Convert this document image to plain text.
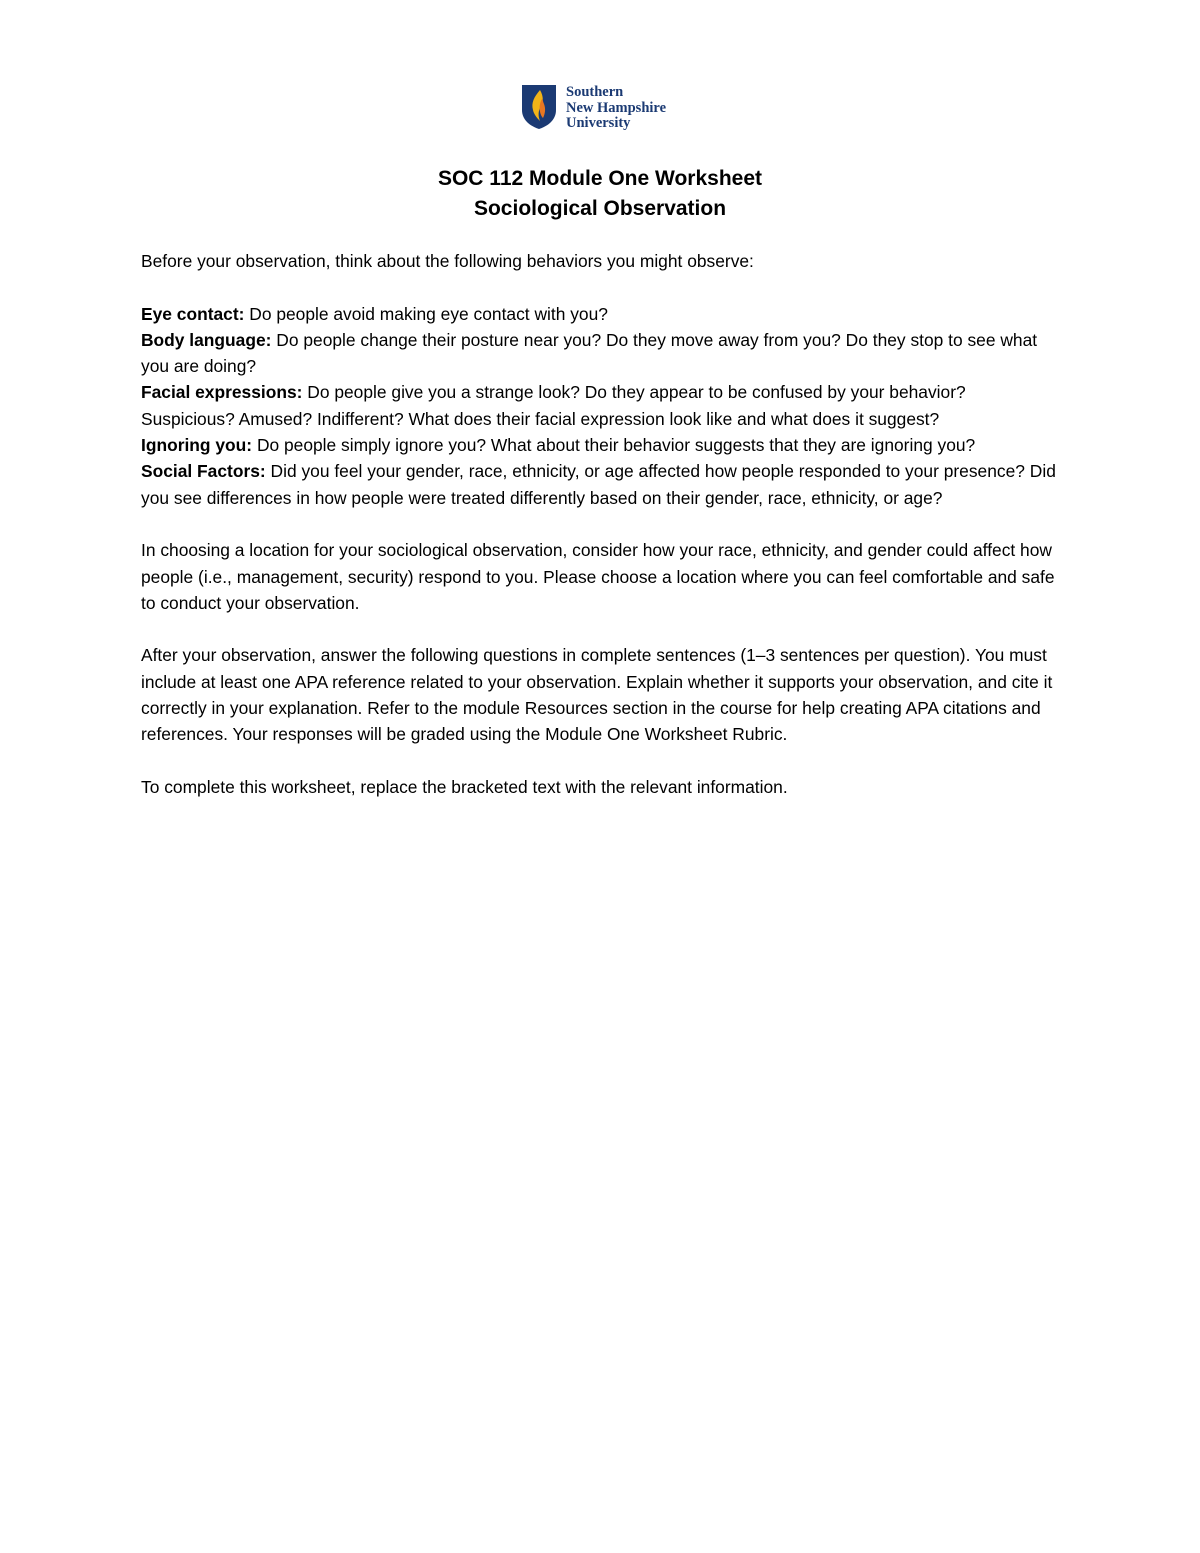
Southern
New Hampshire
University
SOC 112 Module One Worksheet
Sociological Observation

Before your observation, think about the following behaviors you might observe:

Eye contact: Do people avoid making eye contact with you?

Body language: Do people change their posture near you? Do they move away from you? Do they stop to see what you are doing?

Facial expressions: Do people give you a strange look? Do they appear to be confused by your behavior? Suspicious? Amused? Indifferent? What does their facial expression look like and what does it suggest?

Ignoring you: Do people simply ignore you? What about their behavior suggests that they are ignoring you?

Social Factors: Did you feel your gender, race, ethnicity, or age affected how people responded to your presence? Did you see differences in how people were treated differently based on their gender, race, ethnicity, or age?

In choosing a location for your sociological observation, consider how your race, ethnicity, and gender could affect how people (i.e., management, security) respond to you. Please choose a location where you can feel comfortable and safe to conduct your observation.

After your observation, answer the following questions in complete sentences (1–3 sentences per question). You must include at least one APA reference related to your observation. Explain whether it supports your observation, and cite it correctly in your explanation. Refer to the module Resources section in the course for help creating APA citations and references. Your responses will be graded using the Module One Worksheet Rubric.

To complete this worksheet, replace the bracketed text with the relevant information.
